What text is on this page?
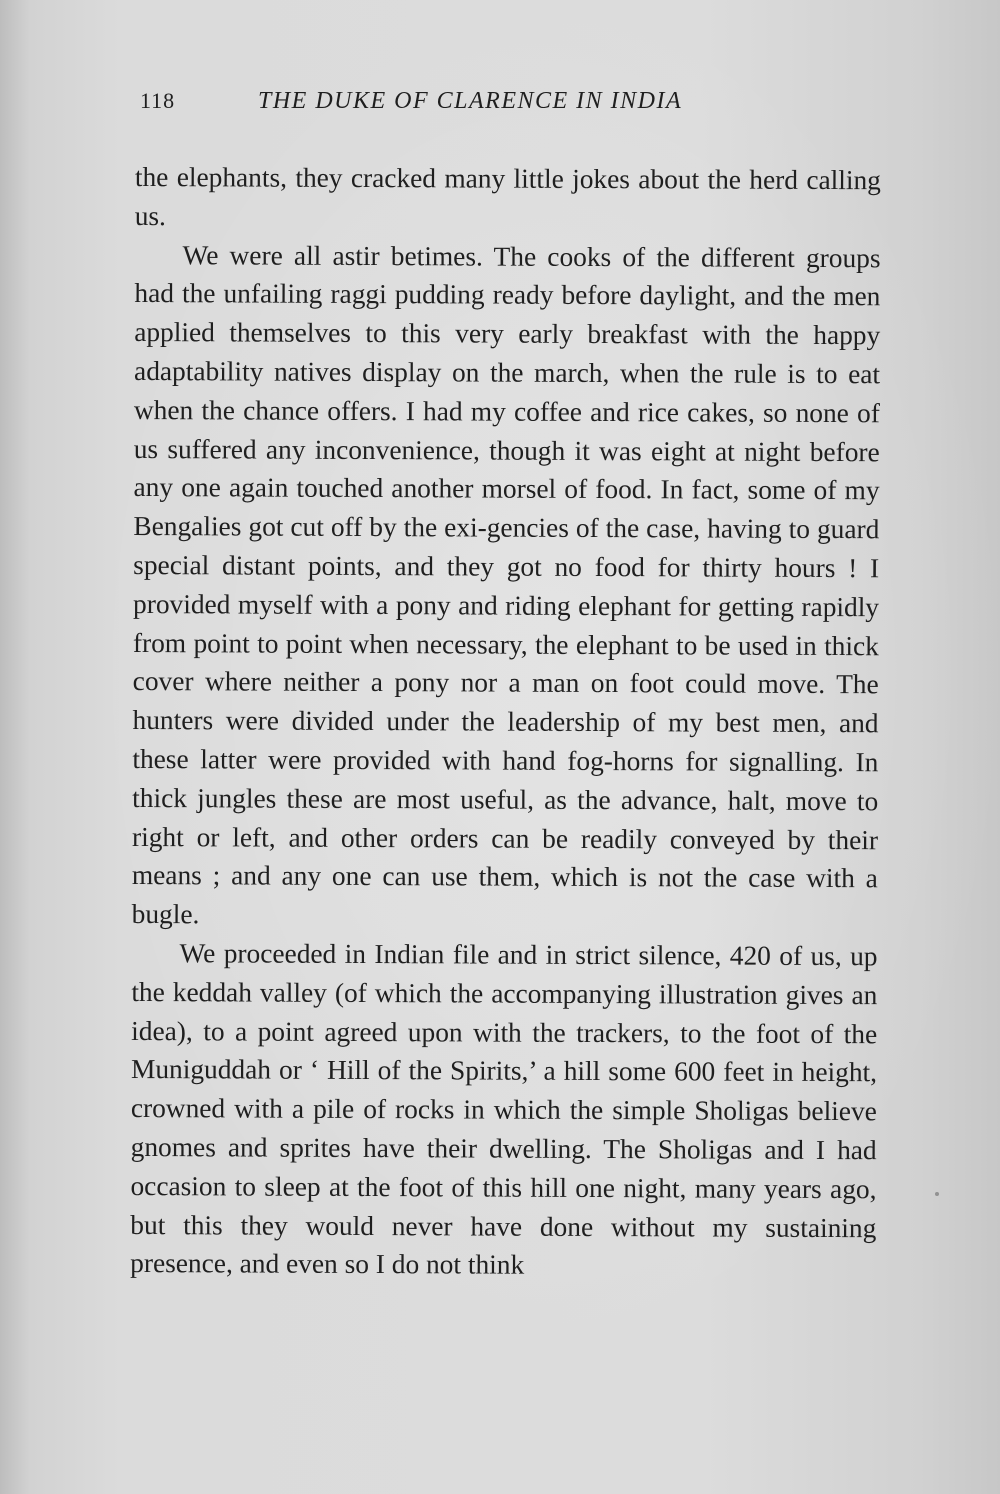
118	THE DUKE OF CLARENCE IN INDIA

the elephants, they cracked many little jokes about the herd calling us.

We were all astir betimes. The cooks of the different groups had the unfailing raggi pudding ready before daylight, and the men applied themselves to this very early breakfast with the happy adaptability natives display on the march, when the rule is to eat when the chance offers. I had my coffee and rice cakes, so none of us suffered any inconvenience, though it was eight at night before any one again touched another morsel of food. In fact, some of my Bengalies got cut off by the exi-gencies of the case, having to guard special distant points, and they got no food for thirty hours ! I provided myself with a pony and riding elephant for getting rapidly from point to point when necessary, the elephant to be used in thick cover where neither a pony nor a man on foot could move. The hunters were divided under the leadership of my best men, and these latter were provided with hand fog-horns for signalling. In thick jungles these are most useful, as the advance, halt, move to right or left, and other orders can be readily conveyed by their means ; and any one can use them, which is not the case with a bugle.

We proceeded in Indian file and in strict silence, 420 of us, up the keddah valley (of which the accompanying illustration gives an idea), to a point agreed upon with the trackers, to the foot of the Muniguddah or ‘ Hill of the Spirits,’ a hill some 600 feet in height, crowned with a pile of rocks in which the simple Sholigas believe gnomes and sprites have their dwelling. The Sholigas and I had occasion to sleep at the foot of this hill one night, many years ago, but this they would never have done without my sustaining presence, and even so I do not think
